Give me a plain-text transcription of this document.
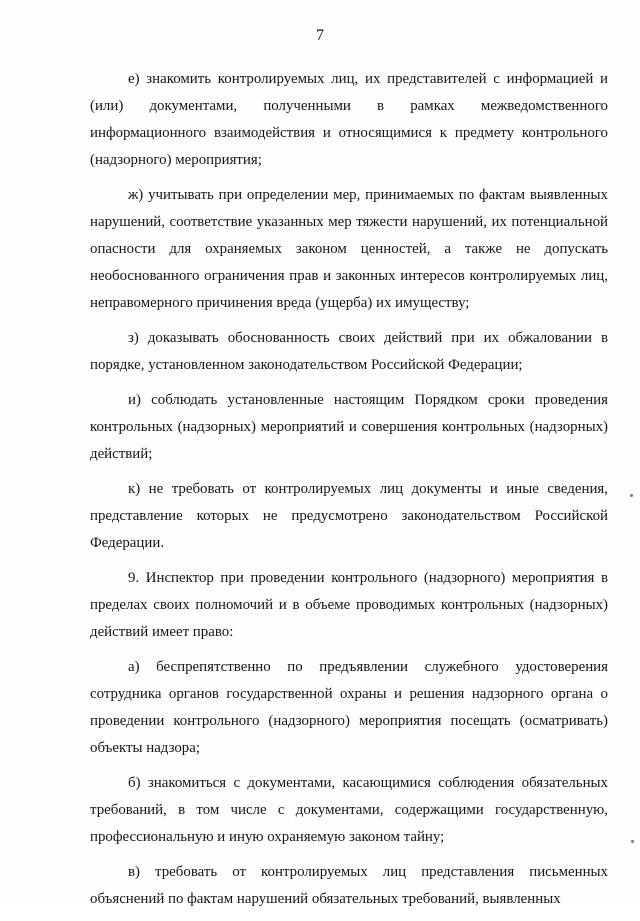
7

е) знакомить контролируемых лиц, их представителей с информацией и (или) документами, полученными в рамках межведомственного информационного взаимодействия и относящимися к предмету контрольного (надзорного) мероприятия;

ж) учитывать при определении мер, принимаемых по фактам выявленных нарушений, соответствие указанных мер тяжести нарушений, их потенциальной опасности для охраняемых законом ценностей, а также не допускать необоснованного ограничения прав и законных интересов контролируемых лиц, неправомерного причинения вреда (ущерба) их имуществу;

з) доказывать обоснованность своих действий при их обжаловании в порядке, установленном законодательством Российской Федерации;

и) соблюдать установленные настоящим Порядком сроки проведения контрольных (надзорных) мероприятий и совершения контрольных (надзорных) действий;

к) не требовать от контролируемых лиц документы и иные сведения, представление которых не предусмотрено законодательством Российской Федерации.

9. Инспектор при проведении контрольного (надзорного) мероприятия в пределах своих полномочий и в объеме проводимых контрольных (надзорных) действий имеет право:

а) беспрепятственно по предъявлении служебного удостоверения сотрудника органов государственной охраны и решения надзорного органа о проведении контрольного (надзорного) мероприятия посещать (осматривать) объекты надзора;

б) знакомиться с документами, касающимися соблюдения обязательных требований, в том числе с документами, содержащими государственную, профессиональную и иную охраняемую законом тайну;

в) требовать от контролируемых лиц представления письменных объяснений по фактам нарушений обязательных требований, выявленных
